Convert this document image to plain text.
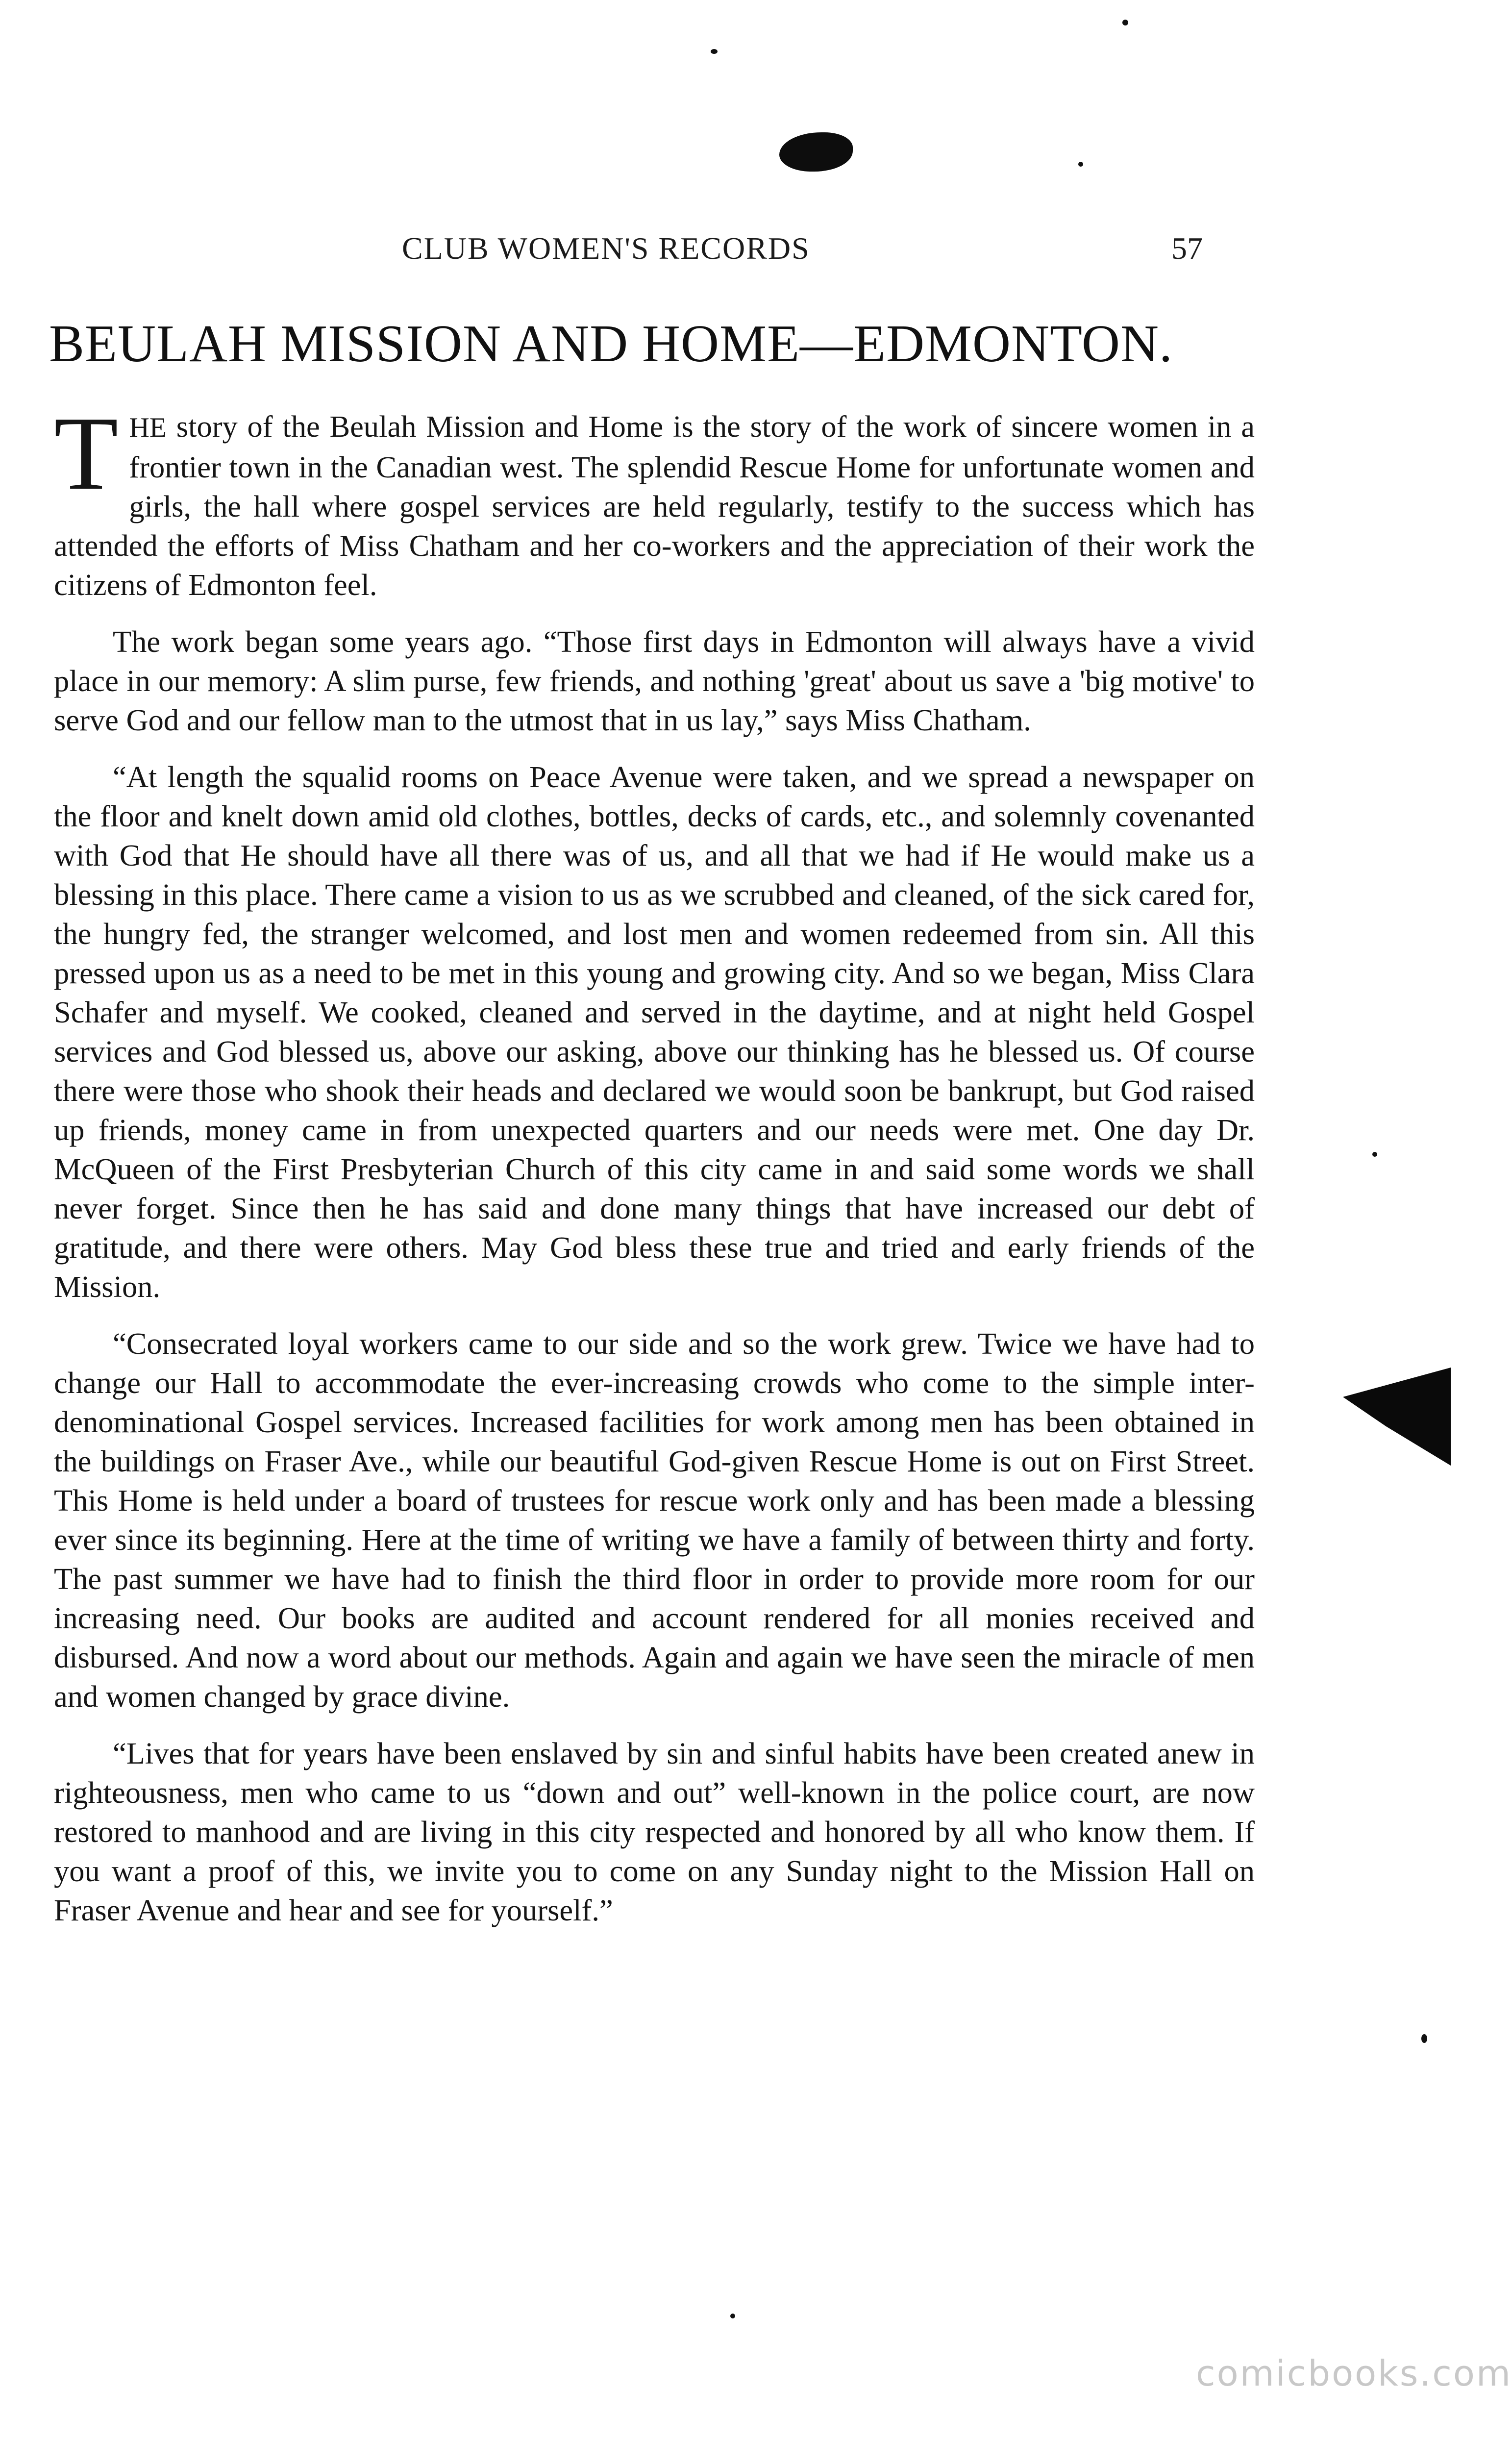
CLUB WOMEN'S RECORDS	57
BEULAH MISSION AND HOME—EDMONTON.

THE story of the Beulah Mission and Home is the story of the work of sincere women in a frontier town in the Canadian west. The splendid Rescue Home for unfortunate women and girls, the hall where gospel services are held regularly, testify to the success which has attended the efforts of Miss Chatham and her co-workers and the appreciation of their work the citizens of Edmonton feel.

The work began some years ago. “Those first days in Edmonton will always have a vivid place in our memory: A slim purse, few friends, and nothing 'great' about us save a 'big motive' to serve God and our fellow man to the utmost that in us lay,” says Miss Chatham.

“At length the squalid rooms on Peace Avenue were taken, and we spread a newspaper on the floor and knelt down amid old clothes, bottles, decks of cards, etc., and solemnly covenanted with God that He should have all there was of us, and all that we had if He would make us a blessing in this place. There came a vision to us as we scrubbed and cleaned, of the sick cared for, the hungry fed, the stranger welcomed, and lost men and women redeemed from sin. All this pressed upon us as a need to be met in this young and growing city. And so we began, Miss Clara Schafer and myself. We cooked, cleaned and served in the daytime, and at night held Gospel services and God blessed us, above our asking, above our thinking has he blessed us. Of course there were those who shook their heads and declared we would soon be bankrupt, but God raised up friends, money came in from unexpected quarters and our needs were met. One day Dr. McQueen of the First Presbyterian Church of this city came in and said some words we shall never forget. Since then he has said and done many things that have increased our debt of gratitude, and there were others. May God bless these true and tried and early friends of the Mission.

“Consecrated loyal workers came to our side and so the work grew. Twice we have had to change our Hall to accommodate the ever-increasing crowds who come to the simple inter-denominational Gospel services. Increased facilities for work among men has been obtained in the buildings on Fraser Ave., while our beautiful God-given Rescue Home is out on First Street. This Home is held under a board of trustees for rescue work only and has been made a blessing ever since its beginning. Here at the time of writing we have a family of between thirty and forty. The past summer we have had to finish the third floor in order to provide more room for our increasing need. Our books are audited and account rendered for all monies received and disbursed. And now a word about our methods. Again and again we have seen the miracle of men and women changed by grace divine.

“Lives that for years have been enslaved by sin and sinful habits have been created anew in righteousness, men who came to us “down and out” well-known in the police court, are now restored to manhood and are living in this city respected and honored by all who know them. If you want a proof of this, we invite you to come on any Sunday night to the Mission Hall on Fraser Avenue and hear and see for yourself.”

comicbooks.com
